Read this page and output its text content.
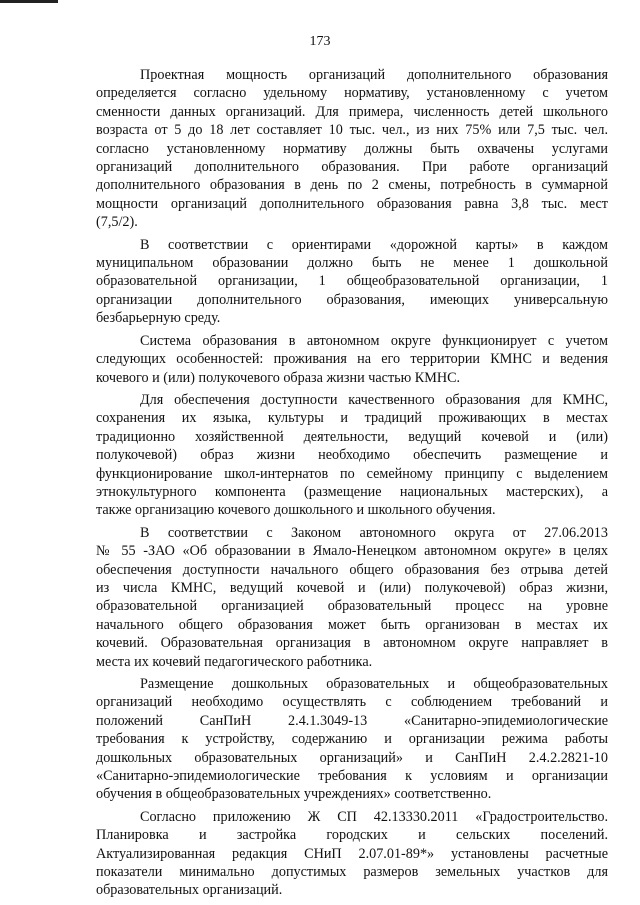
173

Проектная мощность организаций дополнительного образования
определяется согласно удельному нормативу, установленному с учетом
сменности данных организаций. Для примера, численность детей школьного
возраста от 5 до 18 лет составляет 10 тыс. чел., из них 75% или 7,5 тыс. чел.
согласно установленному нормативу должны быть охвачены услугами
организаций дополнительного образования. При работе организаций
дополнительного образования в день по 2 смены, потребность в суммарной
мощности организаций дополнительного образования равна 3,8 тыс. мест
(7,5/2).

В соответствии с ориентирами «дорожной карты» в каждом
муниципальном образовании должно быть не менее 1 дошкольной
образовательной организации, 1 общеобразовательной организации, 1
организации дополнительного образования, имеющих универсальную
безбарьерную среду.

Система образования в автономном округе функционирует с учетом
следующих особенностей: проживания на его территории КМНС и ведения
кочевого и (или) полукочевого образа жизни частью КМНС.

Для обеспечения доступности качественного образования для КМНС,
сохранения их языка, культуры и традиций проживающих в местах
традиционно хозяйственной деятельности, ведущий кочевой и (или)
полукочевой) образ жизни необходимо обеспечить размещение и
функционирование школ-интернатов по семейному принципу с выделением
этнокультурного компонента (размещение национальных мастерских), а
также организацию кочевого дошкольного и школьного обучения.

В соответствии с Законом автономного округа от 27.06.2013
№ 55 -ЗАО «Об образовании в Ямало-Ненецком автономном округе» в целях
обеспечения доступности начального общего образования без отрыва детей
из числа КМНС, ведущий кочевой и (или) полукочевой) образ жизни,
образовательной организацией образовательный процесс на уровне
начального общего образования может быть организован в местах их
кочевий. Образовательная организация в автономном округе направляет в
места их кочевий педагогического работника.

Размещение дошкольных образовательных и общеобразовательных
организаций необходимо осуществлять с соблюдением требований и
положений СанПиН 2.4.1.3049-13 «Санитарно-эпидемиологические
требования к устройству, содержанию и организации режима работы
дошкольных образовательных организаций» и СанПиН 2.4.2.2821-10
«Санитарно-эпидемиологические требования к условиям и организации
обучения в общеобразовательных учреждениях» соответственно.

Согласно приложению Ж СП 42.13330.2011 «Градостроительство.
Планировка и застройка городских и сельских поселений.
Актуализированная редакция СНиП 2.07.01-89*» установлены расчетные
показатели минимально допустимых размеров земельных участков для
образовательных организаций.
